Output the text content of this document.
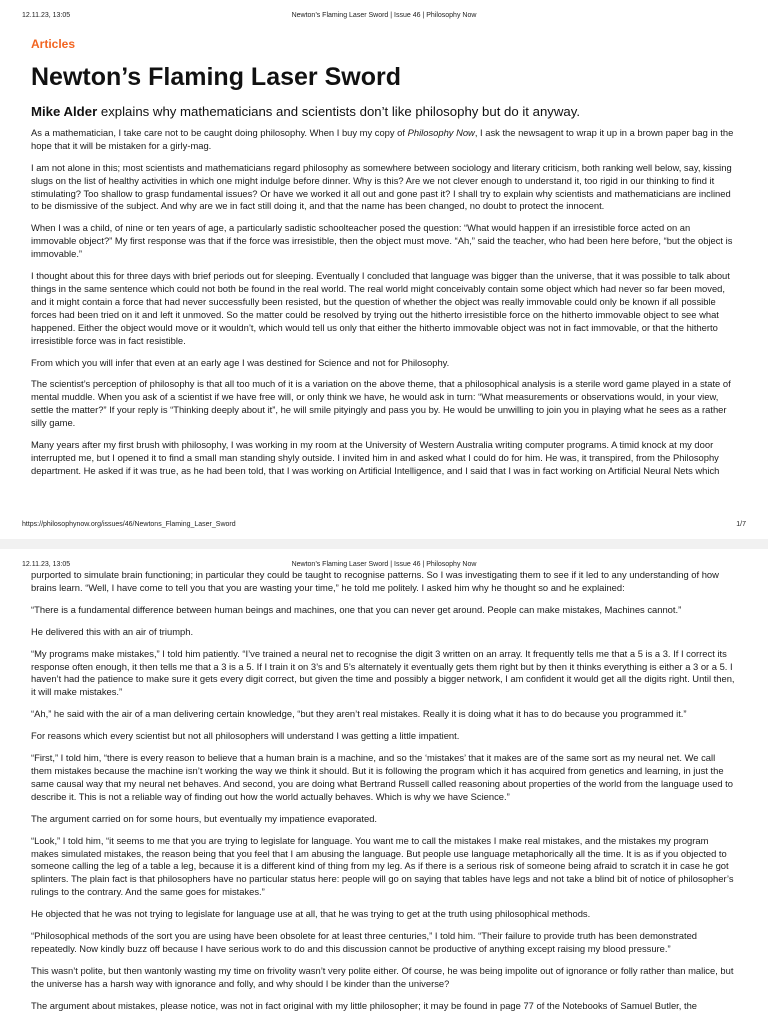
12.11.23, 13:05	Newton’s Flaming Laser Sword | Issue 46 | Philosophy Now
https://philosophynow.org/issues/46/Newtons_Flaming_Laser_Sword	1/7
12.11.23, 13:05	Newton’s Flaming Laser Sword | Issue 46 | Philosophy Now
Articles
Newton’s Flaming Laser Sword
Mike Alder explains why mathematicians and scientists don’t like philosophy but do it anyway.

As a mathematician, I take care not to be caught doing philosophy. When I buy my copy of Philosophy Now, I ask the newsagent to wrap it up in a brown paper bag in the hope that it will be mistaken for a girly-mag.

I am not alone in this; most scientists and mathematicians regard philosophy as somewhere between sociology and literary criticism, both ranking well below, say, kissing slugs on the list of healthy activities in which one might indulge before dinner. Why is this? Are we not clever enough to understand it, too rigid in our thinking to find it stimulating? Too shallow to grasp fundamental issues? Or have we worked it all out and gone past it? I shall try to explain why scientists and mathematicians are inclined to be dismissive of the subject. And why are we in fact still doing it, and that the name has been changed, no doubt to protect the innocent.

When I was a child, of nine or ten years of age, a particularly sadistic schoolteacher posed the question: “What would happen if an irresistible force acted on an immovable object?” My first response was that if the force was irresistible, then the object must move. “Ah,” said the teacher, who had been here before, “but the object is immovable.”

I thought about this for three days with brief periods out for sleeping. Eventually I concluded that language was bigger than the universe, that it was possible to talk about things in the same sentence which could not both be found in the real world. The real world might conceivably contain some object which had never so far been moved, and it might contain a force that had never successfully been resisted, but the question of whether the object was really immovable could only be known if all possible forces had been tried on it and left it unmoved. So the matter could be resolved by trying out the hitherto irresistible force on the hitherto immovable object to see what happened. Either the object would move or it wouldn’t, which would tell us only that either the hitherto immovable object was not in fact immovable, or that the hitherto irresistible force was in fact resistible.

From which you will infer that even at an early age I was destined for Science and not for Philosophy.

The scientist’s perception of philosophy is that all too much of it is a variation on the above theme, that a philosophical analysis is a sterile word game played in a state of mental muddle. When you ask of a scientist if we have free will, or only think we have, he would ask in turn: “What measurements or observations would, in your view, settle the matter?” If your reply is “Thinking deeply about it”, he will smile pityingly and pass you by. He would be unwilling to join you in playing what he sees as a rather silly game.

Many years after my first brush with philosophy, I was working in my room at the University of Western Australia writing computer programs. A timid knock at my door interrupted me, but I opened it to find a small man standing shyly outside. I invited him in and asked what I could do for him. He was, it transpired, from the Philosophy department. He asked if it was true, as he had been told, that I was working on Artificial Intelligence, and I said that I was in fact working on Artificial Neural Nets which

purported to simulate brain functioning; in particular they could be taught to recognise patterns. So I was investigating them to see if it led to any understanding of how brains learn. “Well, I have come to tell you that you are wasting your time,” he told me politely. I asked him why he thought so and he explained:

“There is a fundamental difference between human beings and machines, one that you can never get around. People can make mistakes, Machines cannot.”

He delivered this with an air of triumph.

“My programs make mistakes,” I told him patiently. “I’ve trained a neural net to recognise the digit 3 written on an array. It frequently tells me that a 5 is a 3. If I correct its response often enough, it then tells me that a 3 is a 5. If I train it on 3’s and 5’s alternately it eventually gets them right but by then it thinks everything is either a 3 or a 5. I haven’t had the patience to make sure it gets every digit correct, but given the time and possibly a bigger network, I am confident it would get all the digits right. Until then, it will make mistakes.”

“Ah,” he said with the air of a man delivering certain knowledge, “but they aren’t real mistakes. Really it is doing what it has to do because you programmed it.”

For reasons which every scientist but not all philosophers will understand I was getting a little impatient.

“First,” I told him, “there is every reason to believe that a human brain is a machine, and so the ‘mistakes’ that it makes are of the same sort as my neural net. We call them mistakes because the machine isn’t working the way we think it should. But it is following the program which it has acquired from genetics and learning, in just the same causal way that my neural net behaves. And second, you are doing what Bertrand Russell called reasoning about properties of the world from the language used to describe it. This is not a reliable way of finding out how the world actually behaves. Which is why we have Science.”

The argument carried on for some hours, but eventually my impatience evaporated.

“Look,” I told him, “it seems to me that you are trying to legislate for language. You want me to call the mistakes I make real mistakes, and the mistakes my program makes simulated mistakes, the reason being that you feel that I am abusing the language. But people use language metaphorically all the time. It is as if you objected to someone calling the leg of a table a leg, because it is a different kind of thing from my leg. As if there is a serious risk of someone being afraid to scratch it in case he got splinters. The plain fact is that philosophers have no particular status here: people will go on saying that tables have legs and not take a blind bit of notice of philosopher’s rulings to the contrary. And the same goes for mistakes.”

He objected that he was not trying to legislate for language use at all, that he was trying to get at the truth using philosophical methods.

“Philosophical methods of the sort you are using have been obsolete for at least three centuries,” I told him. “Their failure to provide truth has been demonstrated repeatedly. Now kindly buzz off because I have serious work to do and this discussion cannot be productive of anything except raising my blood pressure.”

This wasn’t polite, but then wantonly wasting my time on frivolity wasn’t very polite either. Of course, he was being impolite out of ignorance or folly rather than malice, but the universe has a harsh way with ignorance and folly, and why should I be kinder than the universe?

The argument about mistakes, please notice, was not in fact original with my little philosopher; it may be found in page 77 of the Notebooks of Samuel Butler, the
